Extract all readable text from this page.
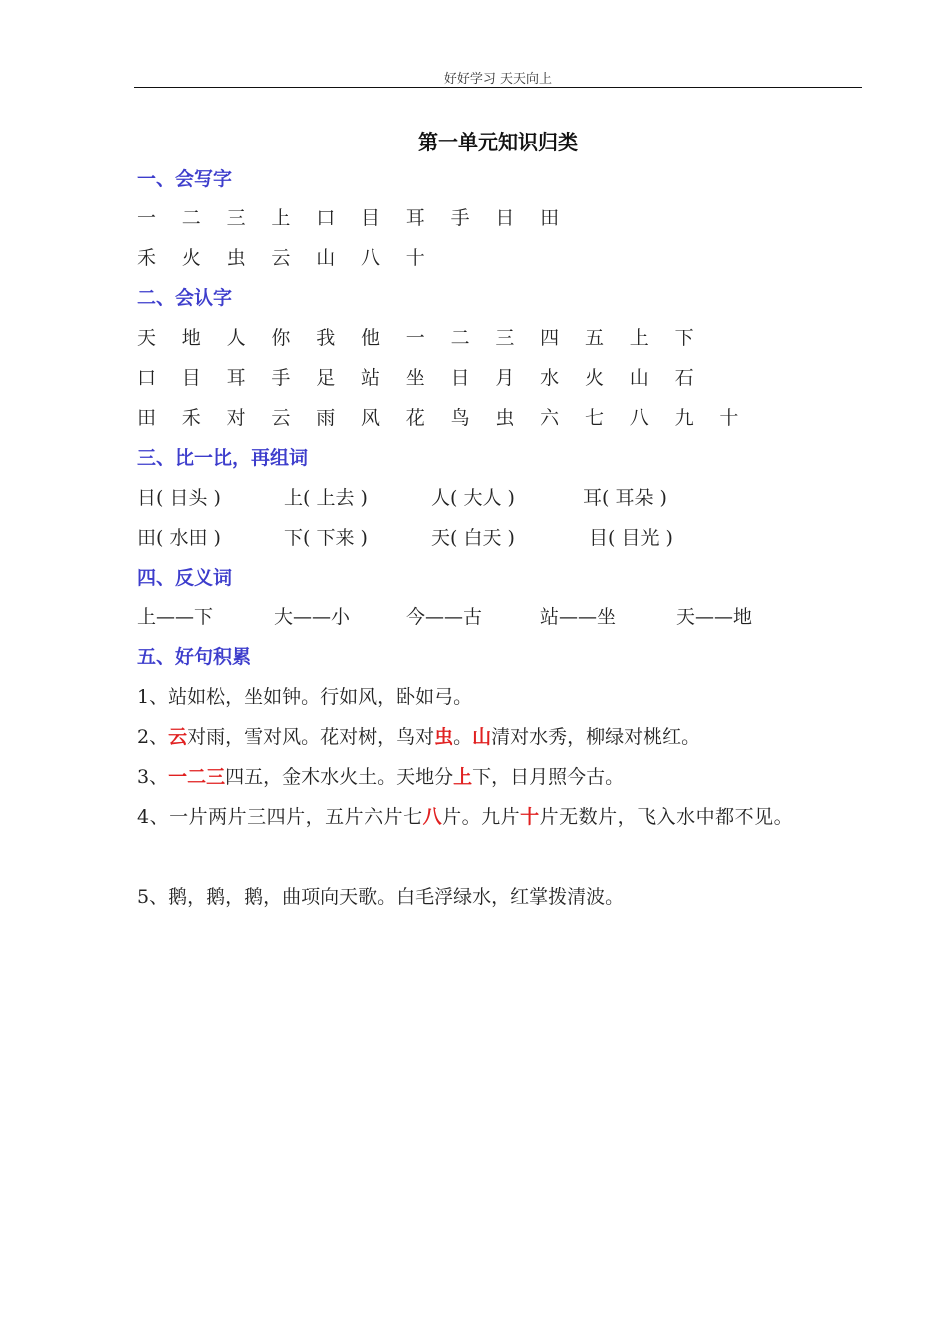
好好学习 天天向上
第一单元知识归类
一、会写字
一 二 三 上 口 目 耳 手 日 田
禾 火 虫 云 山 八 十
二、会认字
天 地 人 你 我 他 一 二 三 四 五 上 下
口 目 耳 手 足 站 坐 日 月 水 火 山 石
田 禾 对 云 雨 风 花 鸟 虫 六 七 八 九 十
三、比一比，再组词
日( 日头 )	上( 上去 )	人( 大人 )	耳( 耳朵 )
田( 水田 )	下( 下来 )	天( 白天 )	目( 目光 )
四、反义词
上——下	大——小	今——古	站——坐	天——地
五、好句积累
1、站如松，坐如钟。行如风，卧如弓。
2、云对雨，雪对风。花对树，鸟对虫。山清对水秀，柳绿对桃红。
3、一二三四五，金木水火土。天地分上下，日月照今古。
4、一片两片三四片，五片六片七八片。九片十片无数片，飞入水中都不见。
5、鹅，鹅，鹅，曲项向天歌。白毛浮绿水，红掌拨清波。
